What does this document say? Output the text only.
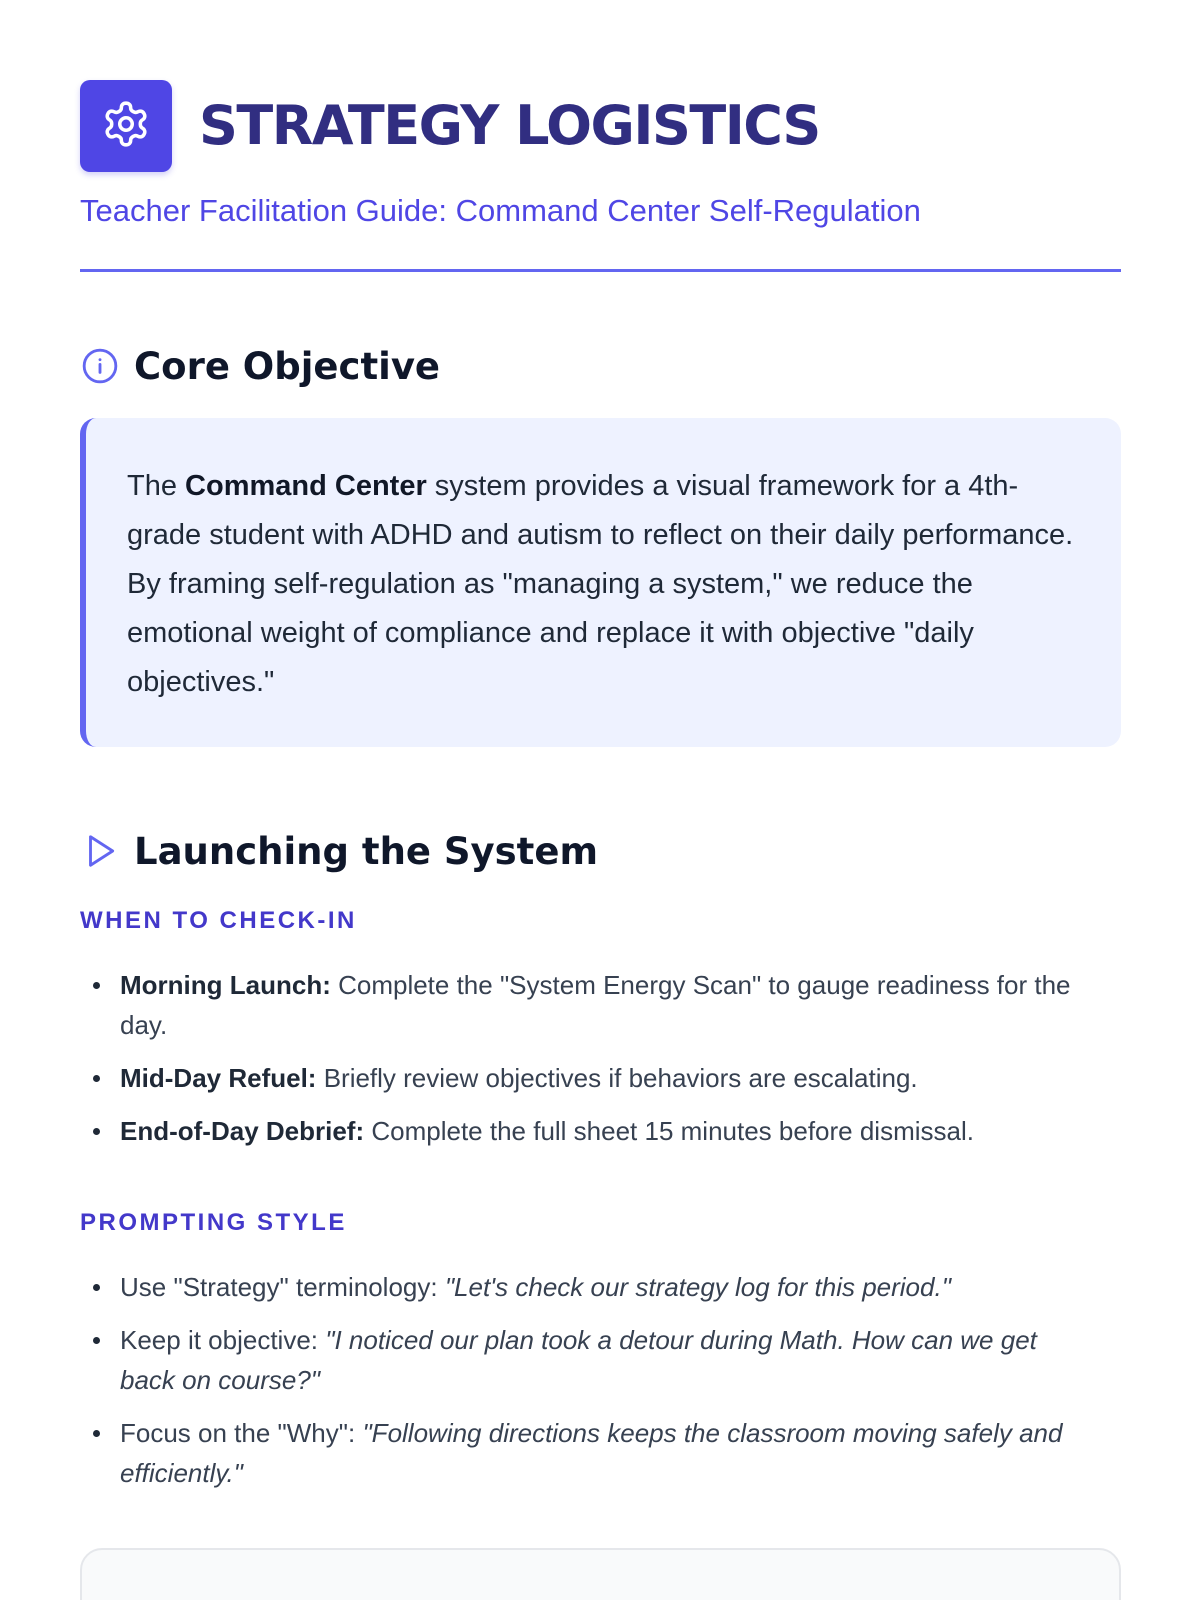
STRATEGY LOGISTICS
Teacher Facilitation Guide: Command Center Self-Regulation
Core Objective
The Command Center system provides a visual framework for a 4th-grade student with ADHD and autism to reflect on their daily performance. By framing self-regulation as "managing a system," we reduce the emotional weight of compliance and replace it with objective "daily objectives."
Launching the System
WHEN TO CHECK-IN
Morning Launch: Complete the "System Energy Scan" to gauge readiness for the day.
Mid-Day Refuel: Briefly review objectives if behaviors are escalating.
End-of-Day Debrief: Complete the full sheet 15 minutes before dismissal.
PROMPTING STYLE
Use "Strategy" terminology: "Let's check our strategy log for this period."
Keep it objective: "I noticed our plan took a detour during Math. How can we get back on course?"
Focus on the "Why": "Following directions keeps the classroom moving safely and efficiently."
